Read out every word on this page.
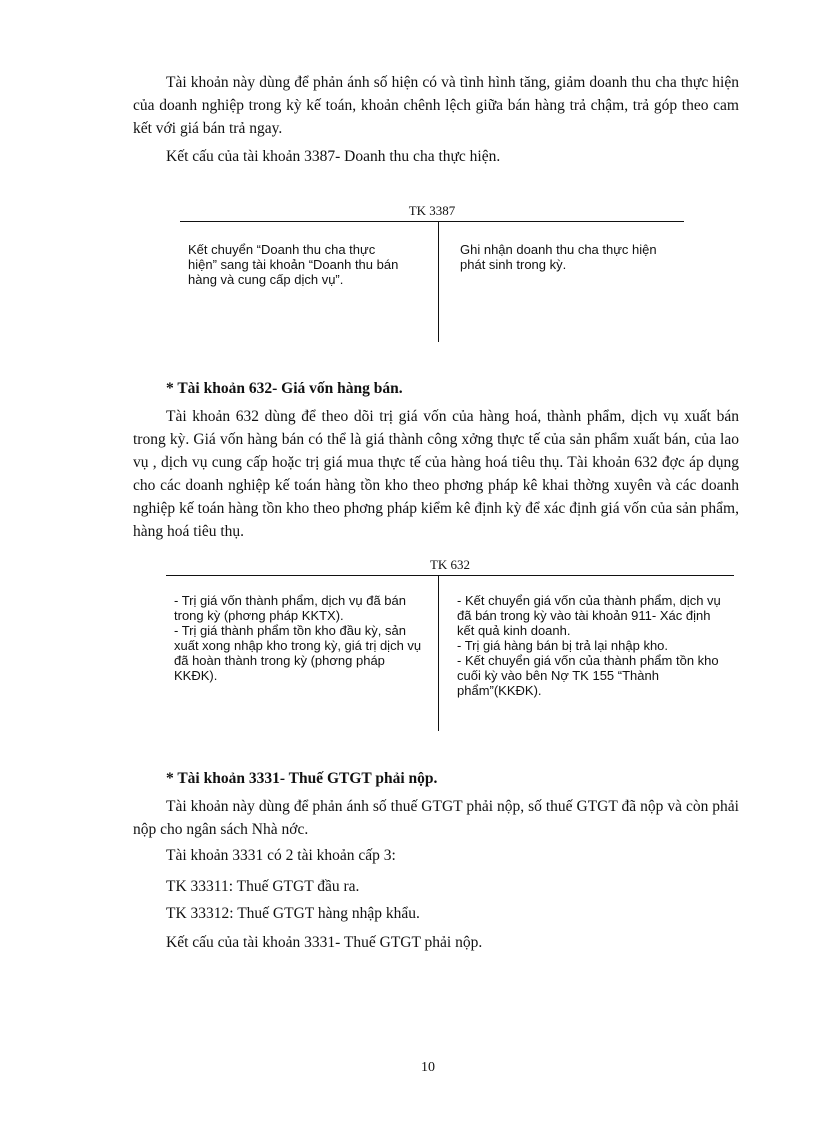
Tài khoản này dùng để phản ánh số hiện có và tình hình tăng, giảm doanh thu cha thực hiện của doanh nghiệp trong kỳ kế toán, khoản chênh lệch giữa bán hàng trả chậm, trả góp theo cam kết với giá bán trả ngay.

Kết cấu của tài khoản 3387- Doanh thu cha thực hiện.

TK 3387

Kết chuyển “Doanh thu cha thực hiện” sang tài khoản “Doanh thu bán hàng và cung cấp dịch vụ”.

Ghi nhận doanh thu cha thực hiện phát sinh trong kỳ.

* Tài khoản 632- Giá vốn hàng bán.

Tài khoản 632 dùng để theo dõi trị giá vốn của hàng hoá, thành phẩm, dịch vụ xuất bán trong kỳ. Giá vốn hàng bán có thể là giá thành công xởng thực tế của sản phẩm xuất bán, của lao vụ , dịch vụ cung cấp hoặc trị giá mua thực tế của hàng hoá tiêu thụ. Tài khoản 632 đợc áp dụng cho các doanh nghiệp kế toán hàng tồn kho theo phơng pháp kê khai thờng xuyên và các doanh nghiệp kế toán hàng tồn kho theo phơng pháp kiểm kê định kỳ để xác định giá vốn của sản phẩm, hàng hoá tiêu thụ.

TK 632

- Trị giá vốn thành phẩm, dịch vụ đã bán trong kỳ (phơng pháp KKTX).

- Trị giá thành phẩm tồn kho đầu kỳ, sản xuất xong nhập kho trong kỳ, giá trị dịch vụ đã hoàn thành trong kỳ (phơng pháp KKĐK).

- Kết chuyển giá vốn của thành phẩm, dịch vụ đã bán trong kỳ vào tài khoản 911- Xác định kết quả kinh doanh.

- Trị giá hàng bán bị trả lại nhập kho.

- Kết chuyển giá vốn của thành phẩm tồn kho cuối kỳ vào bên Nợ TK 155 “Thành phẩm”(KKĐK).

* Tài khoản 3331- Thuế GTGT phải nộp.

Tài khoản này dùng để phản ánh số thuế GTGT phải nộp, số thuế GTGT đã nộp và còn phải nộp cho ngân sách Nhà nớc.

Tài khoản 3331 có 2 tài khoản cấp 3:

TK 33311: Thuế GTGT đầu ra.

TK 33312: Thuế GTGT hàng nhập khẩu.

Kết cấu của tài khoản 3331- Thuế GTGT phải nộp.

10
